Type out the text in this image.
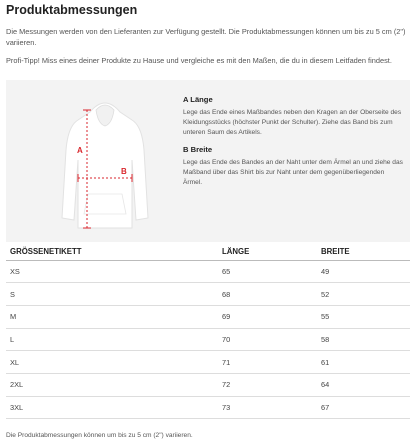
Produktabmessungen
Die Messungen werden von den Lieferanten zur Verfügung gestellt. Die Produktabmessungen können um bis zu 5 cm (2") variieren.
Profi-Tipp! Miss eines deiner Produkte zu Hause und vergleiche es mit den Maßen, die du in diesem Leitfaden findest.
A
B
A Länge

Lege das Ende eines Maßbandes neben den Kragen an der Oberseite des Kleidungsstücks (höchster Punkt der Schulter). Ziehe das Band bis zum unteren Saum des Artikels.

B Breite

Lege das Ende des Bandes an der Naht unter dem Ärmel an und ziehe das Maßband über das Shirt bis zur Naht unter dem gegenüberliegenden Ärmel.

GRÖSSENETIKETT	LÄNGE	BREITE
XS	65	49
S	68	52
M	69	55
L	70	58
XL	71	61
2XL	72	64
3XL	73	67
Die Produktabmessungen können um bis zu 5 cm (2") variieren.
